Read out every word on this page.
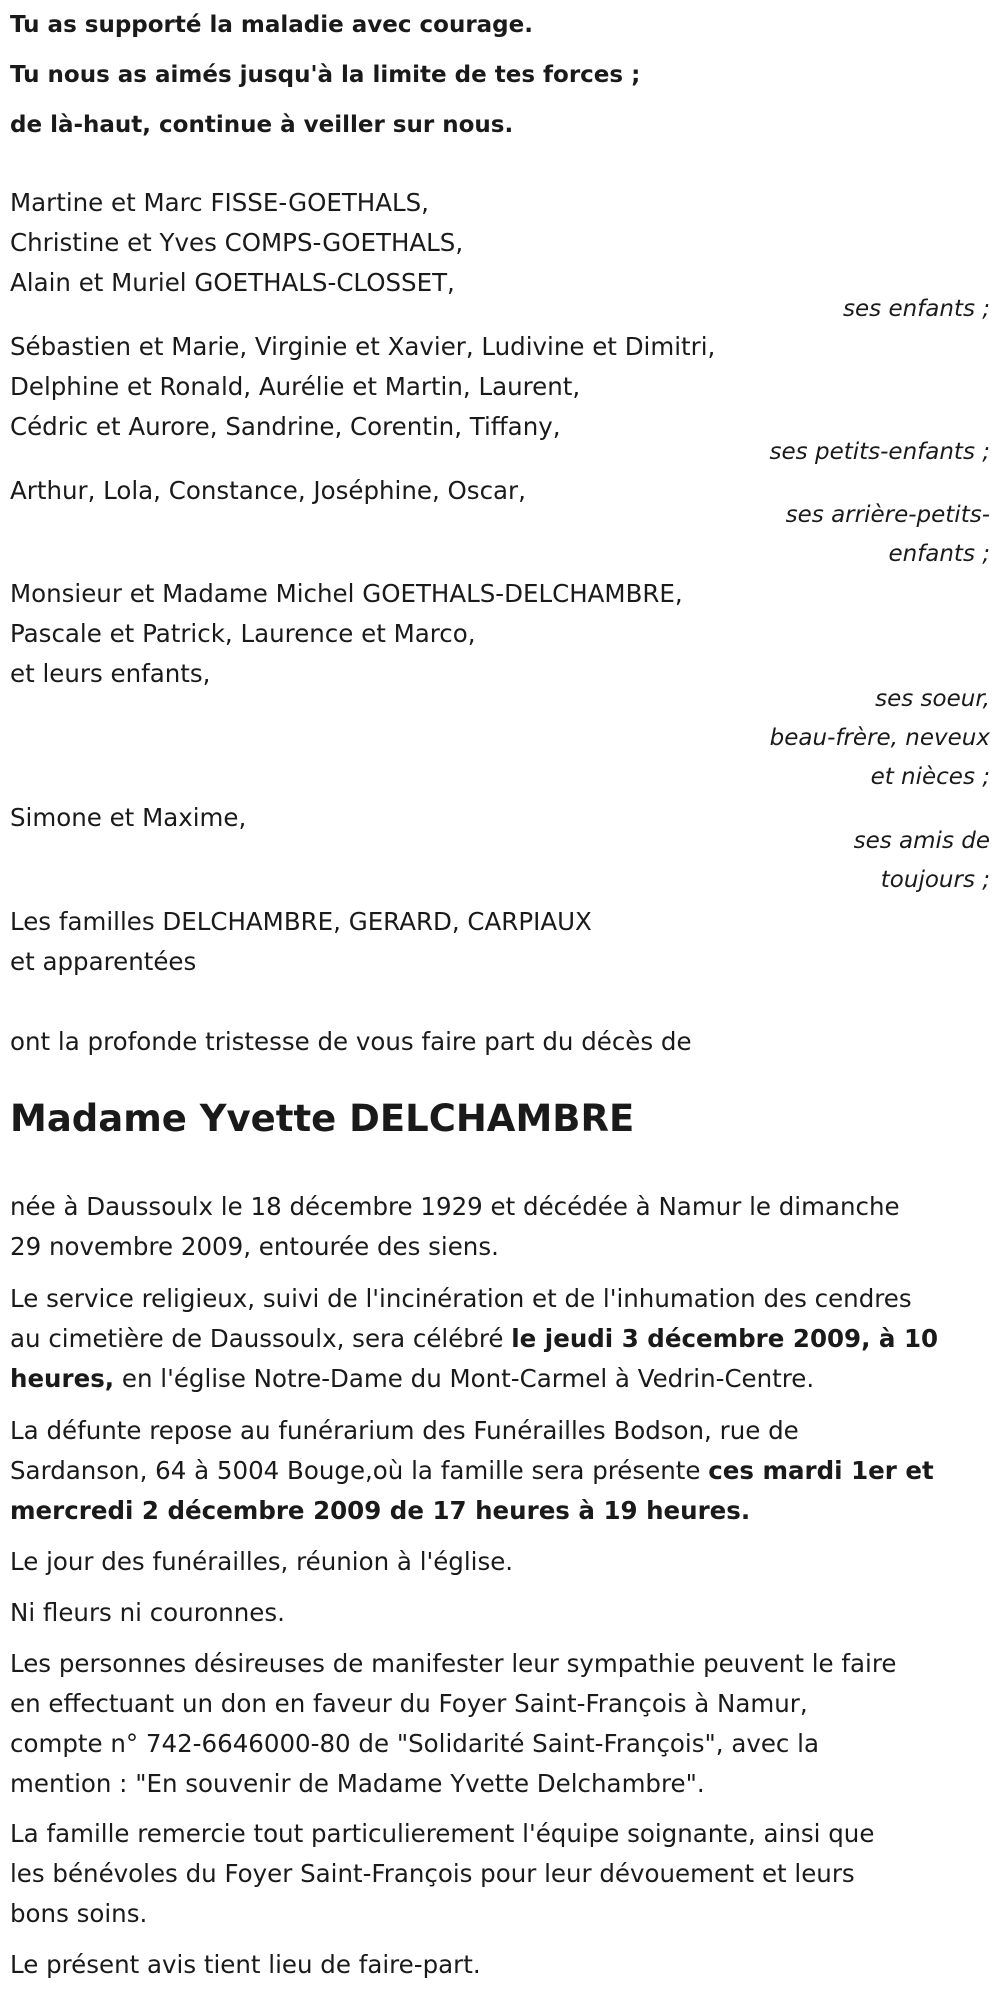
Tu as supporté la maladie avec courage.
Tu nous as aimés jusqu'à la limite de tes forces ;
de là-haut, continue à veiller sur nous.
Martine et Marc FISSE-GOETHALS,
Christine et Yves COMPS-GOETHALS,
Alain et Muriel GOETHALS-CLOSSET,
ses enfants ;
Sébastien et Marie, Virginie et Xavier, Ludivine et Dimitri,
Delphine et Ronald, Aurélie et Martin, Laurent,
Cédric et Aurore, Sandrine, Corentin, Tiffany,
ses petits-enfants ;
Arthur, Lola, Constance, Joséphine, Oscar,
ses arrière-petits-
enfants ;
Monsieur et Madame Michel GOETHALS-DELCHAMBRE,
Pascale et Patrick, Laurence et Marco,
et leurs enfants,
ses soeur,
beau-frère, neveux
et nièces ;
Simone et Maxime,
ses amis de
toujours ;
Les familles DELCHAMBRE, GERARD, CARPIAUX
et apparentées
ont la profonde tristesse de vous faire part du décès de
Madame Yvette DELCHAMBRE
née à Daussoulx le 18 décembre 1929 et décédée à Namur le dimanche
29 novembre 2009, entourée des siens.
Le service religieux, suivi de l'incinération et de l'inhumation des cendres
au cimetière de Daussoulx, sera célébré le jeudi 3 décembre 2009, à 10
heures, en l'église Notre-Dame du Mont-Carmel à Vedrin-Centre.
La défunte repose au funérarium des Funérailles Bodson, rue de
Sardanson, 64 à 5004 Bouge,où la famille sera présente ces mardi 1er et
mercredi 2 décembre 2009 de 17 heures à 19 heures.
Le jour des funérailles, réunion à l'église.
Ni fleurs ni couronnes.
Les personnes désireuses de manifester leur sympathie peuvent le faire
en effectuant un don en faveur du Foyer Saint-François à Namur,
compte n° 742-6646000-80 de "Solidarité Saint-François", avec la
mention : "En souvenir de Madame Yvette Delchambre".
La famille remercie tout particulierement l'équipe soignante, ainsi que
les bénévoles du Foyer Saint-François pour leur dévouement et leurs
bons soins.
Le présent avis tient lieu de faire-part.
